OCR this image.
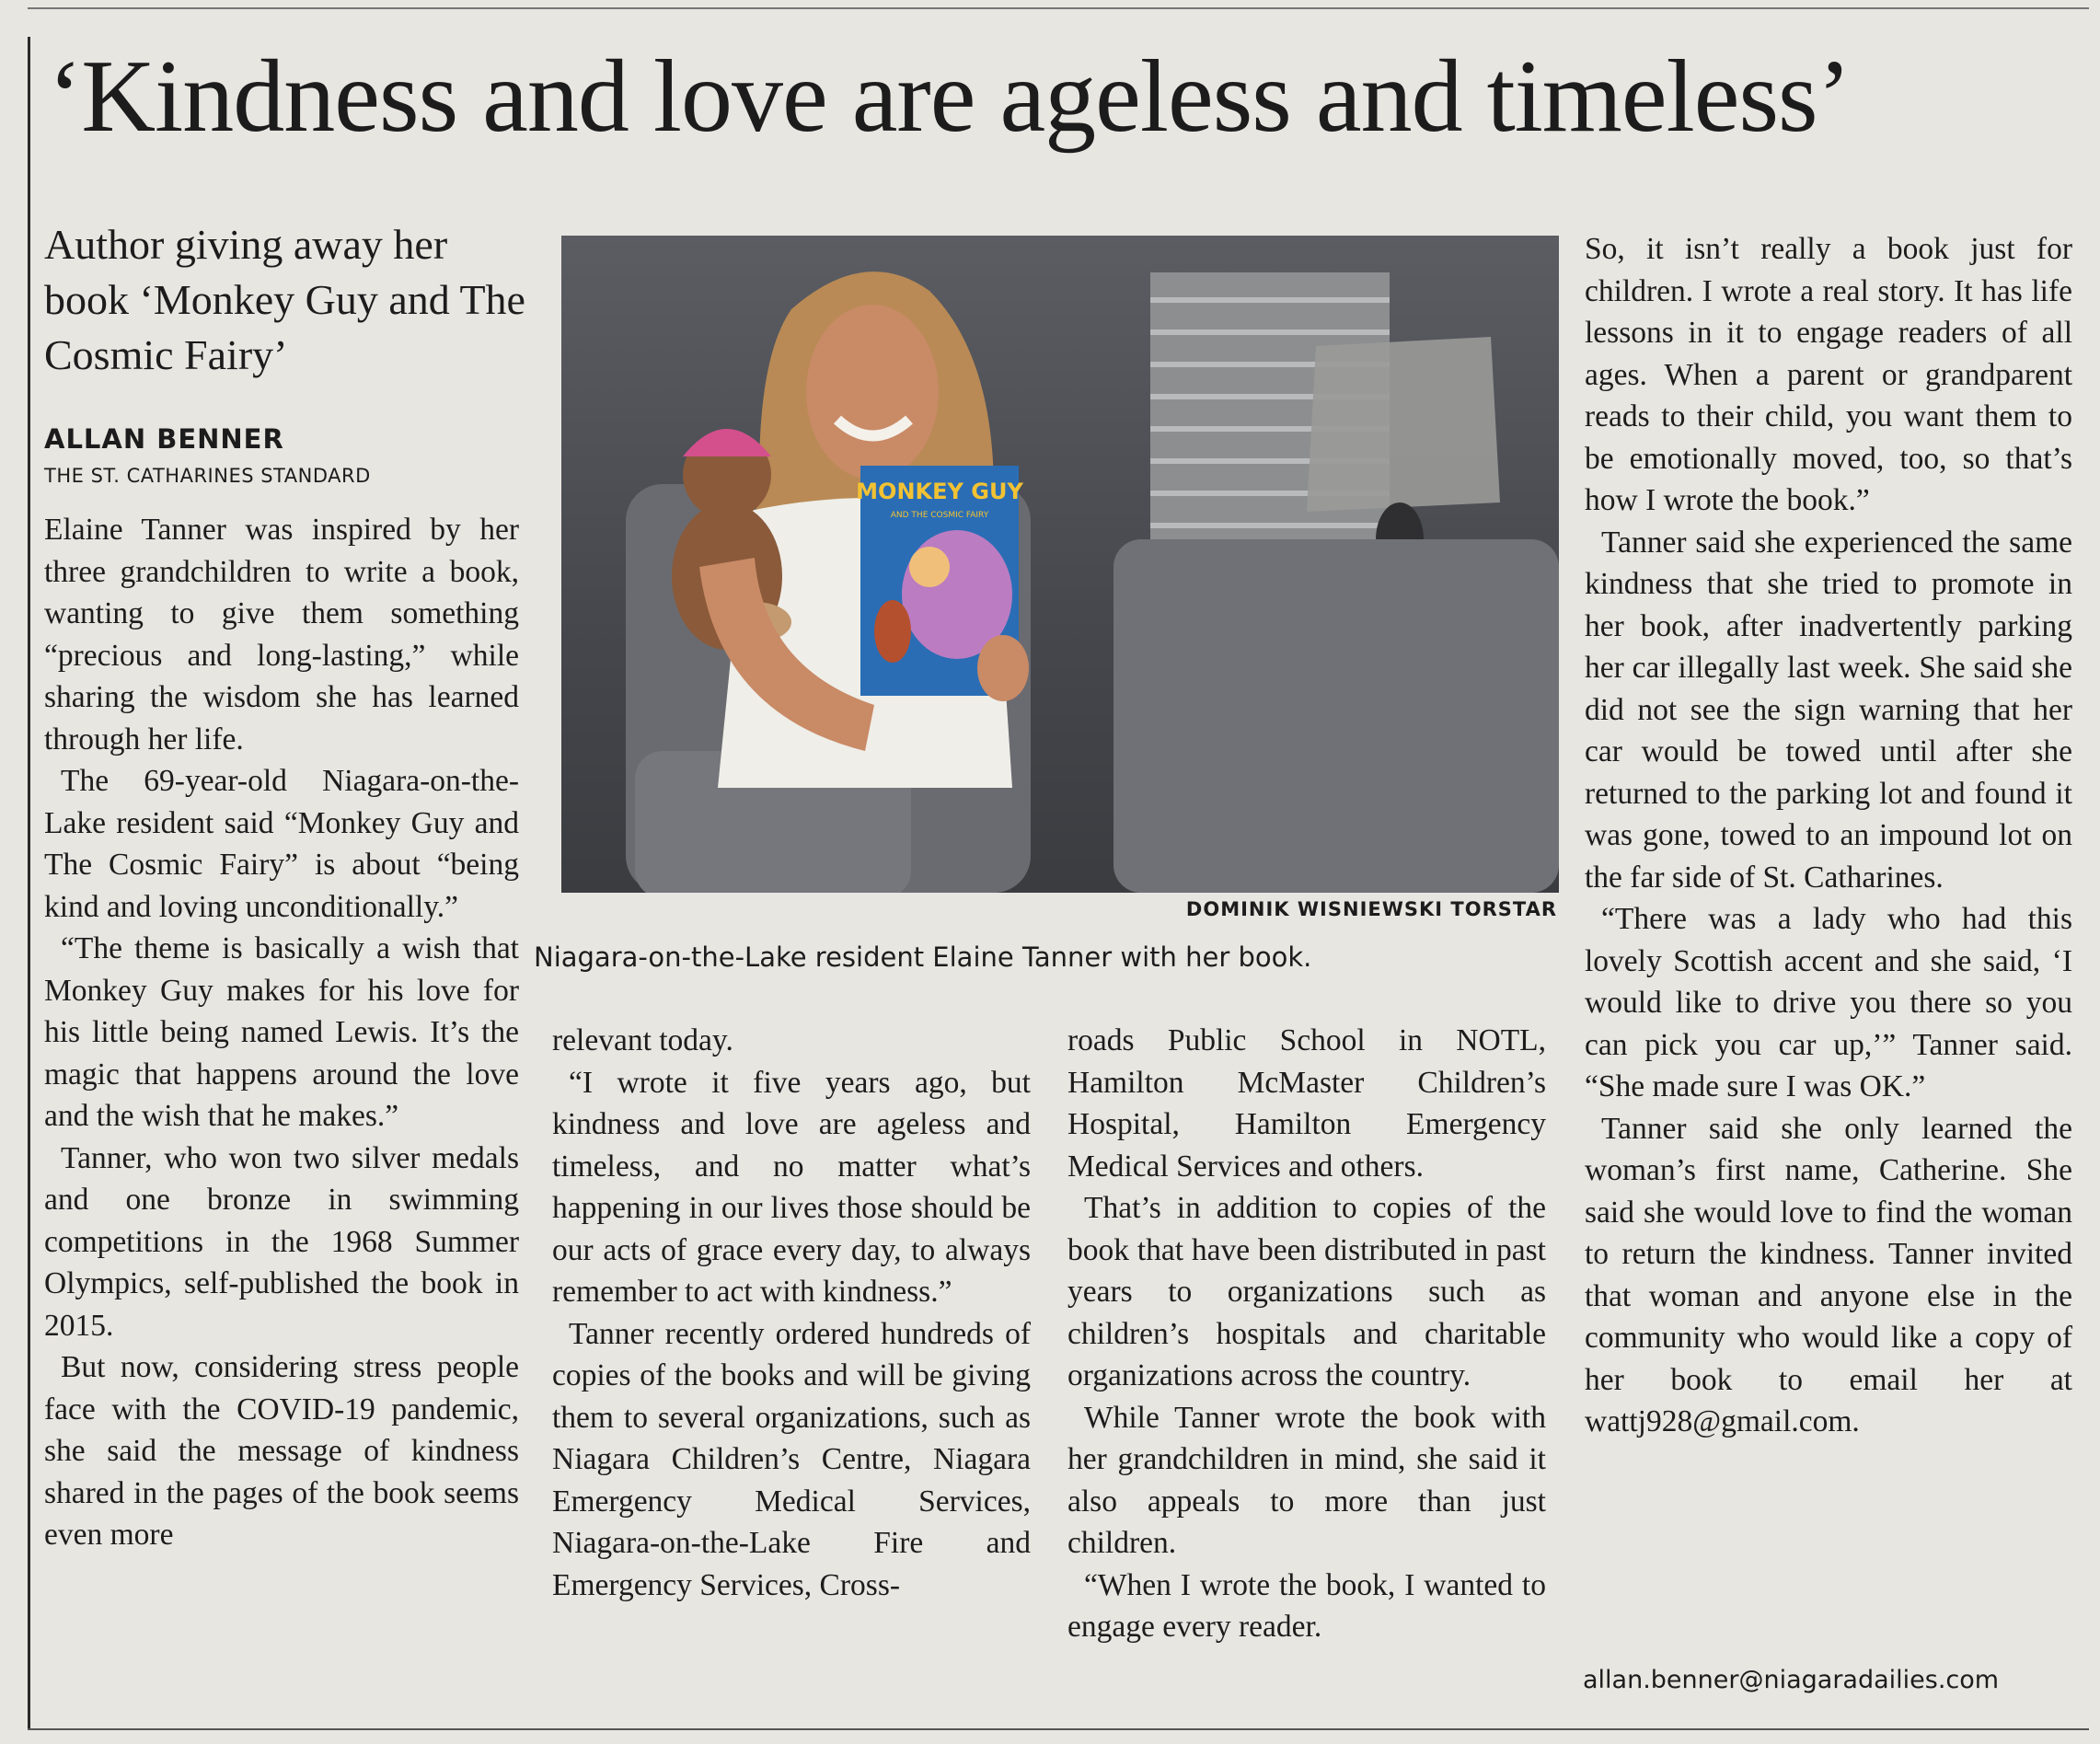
‘Kindness and love are ageless and timeless’

Author giving away her book ‘Monkey Guy and The Cosmic Fairy’

ALLAN BENNER
THE ST. CATHARINES STANDARD

Elaine Tanner was inspired by her three grandchildren to write a book, wanting to give them something “precious and long-lasting,” while sharing the wisdom she has learned through her life.

The 69-year-old Niagara-on-the-Lake resident said “Monkey Guy and The Cosmic Fairy” is about “being kind and loving unconditionally.”

“The theme is basically a wish that Monkey Guy makes for his love for his little being named Lewis. It’s the magic that happens around the love and the wish that he makes.”

Tanner, who won two silver medals and one bronze in swimming competitions in the 1968 Summer Olympics, self-published the book in 2015.

But now, considering stress people face with the COVID-19 pandemic, she said the message of kindness shared in the pages of the book seems even more

MONKEY GUY
AND THE COSMIC FAIRY
DOMINIK WISNIEWSKI TORSTAR
Niagara-on-the-Lake resident Elaine Tanner with her book.

relevant today.

“I wrote it five years ago, but kindness and love are ageless and timeless, and no matter what’s happening in our lives those should be our acts of grace every day, to always remember to act with kindness.”

Tanner recently ordered hundreds of copies of the books and will be giving them to several organizations, such as Niagara Children’s Centre, Niagara Emergency Medical Services, Niagara-on-the-Lake Fire and Emergency Services, Cross-

roads Public School in NOTL, Hamilton McMaster Children’s Hospital, Hamilton Emergency Medical Services and others.

That’s in addition to copies of the book that have been distributed in past years to organizations such as children’s hospitals and charitable organizations across the country.

While Tanner wrote the book with her grandchildren in mind, she said it also appeals to more than just children.

“When I wrote the book, I wanted to engage every reader.

So, it isn’t really a book just for children. I wrote a real story. It has life lessons in it to engage readers of all ages. When a parent or grandparent reads to their child, you want them to be emotionally moved, too, so that’s how I wrote the book.”

Tanner said she experienced the same kindness that she tried to promote in her book, after inadvertently parking her car illegally last week. She said she did not see the sign warning that her car would be towed until after she returned to the parking lot and found it was gone, towed to an impound lot on the far side of St. Catharines.

“There was a lady who had this lovely Scottish accent and she said, ‘I would like to drive you there so you can pick you car up,’” Tanner said. “She made sure I was OK.”

Tanner said she only learned the woman’s first name, Catherine. She said she would love to find the woman to return the kindness. Tanner invited that woman and anyone else in the community who would like a copy of her book to email her at wattj928@gmail.com.

allan.benner@niagaradailies.com
